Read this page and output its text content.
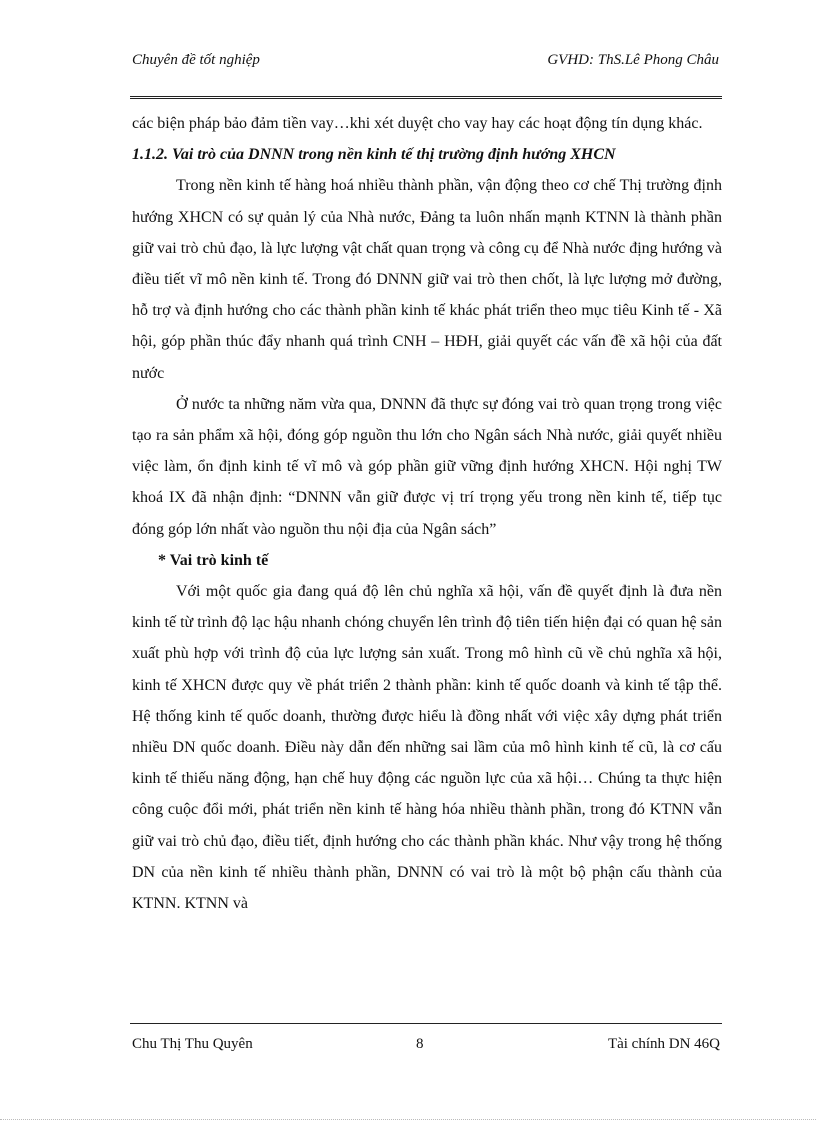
Chuyên đề tốt nghiệp	GVHD: ThS.Lê Phong Châu

các biện pháp bảo đảm tiền vay…khi xét duyệt cho vay hay các hoạt động tín dụng khác.

1.1.2. Vai trò của DNNN trong nền kinh tế thị trường định hướng XHCN

Trong nền kinh tế hàng hoá nhiều thành phần, vận động theo cơ chế Thị trường định hướng XHCN có sự quản lý của Nhà nước, Đảng ta luôn nhấn mạnh KTNN là thành phần giữ vai trò chủ đạo, là lực lượng vật chất quan trọng và công cụ để Nhà nước địng hướng và điều tiết vĩ mô nền kinh tế. Trong đó DNNN giữ vai trò then chốt, là lực lượng mở đường, hỗ trợ và định hướng cho các thành phần kinh tế khác phát triển theo mục tiêu Kinh tế - Xã hội, góp phần thúc đẩy nhanh quá trình CNH – HĐH, giải quyết các vấn đề xã hội của đất nước

Ở nước ta những năm vừa qua, DNNN đã thực sự đóng vai trò quan trọng trong việc tạo ra sản phẩm xã hội, đóng góp nguồn thu lớn cho Ngân sách Nhà nước, giải quyết nhiều việc làm, ổn định kinh tế vĩ mô và góp phần giữ vững định hướng XHCN. Hội nghị TW khoá IX đã nhận định: “DNNN vẫn giữ được vị trí trọng yếu trong nền kinh tế, tiếp tục đóng góp lớn nhất vào nguồn thu nội địa của Ngân sách”

* Vai trò kinh tế

Với một quốc gia đang quá độ lên chủ nghĩa xã hội, vấn đề quyết định là đưa nền kinh tế từ trình độ lạc hậu nhanh chóng chuyển lên trình độ tiên tiến hiện đại có quan hệ sản xuất phù hợp với trình độ của lực lượng sản xuất. Trong mô hình cũ về chủ nghĩa xã hội, kinh tế XHCN được quy về phát triển 2 thành phần: kinh tế quốc doanh và kinh tế tập thể. Hệ thống kinh tế quốc doanh, thường được hiểu là đồng nhất với việc xây dựng phát triển nhiều DN quốc doanh. Điều này dẫn đến những sai lầm của mô hình kinh tế cũ, là cơ cấu kinh tế thiếu năng động, hạn chế huy động các nguồn lực của xã hội… Chúng ta thực hiện công cuộc đổi mới, phát triển nền kinh tế hàng hóa nhiều thành phần, trong đó KTNN vẫn giữ vai trò chủ đạo, điều tiết, định hướng cho các thành phần khác. Như vậy trong hệ thống DN của nền kinh tế nhiều thành phần, DNNN có vai trò là một bộ phận cấu thành của KTNN. KTNN và

Chu Thị Thu Quyên	8	Tài chính DN 46Q
